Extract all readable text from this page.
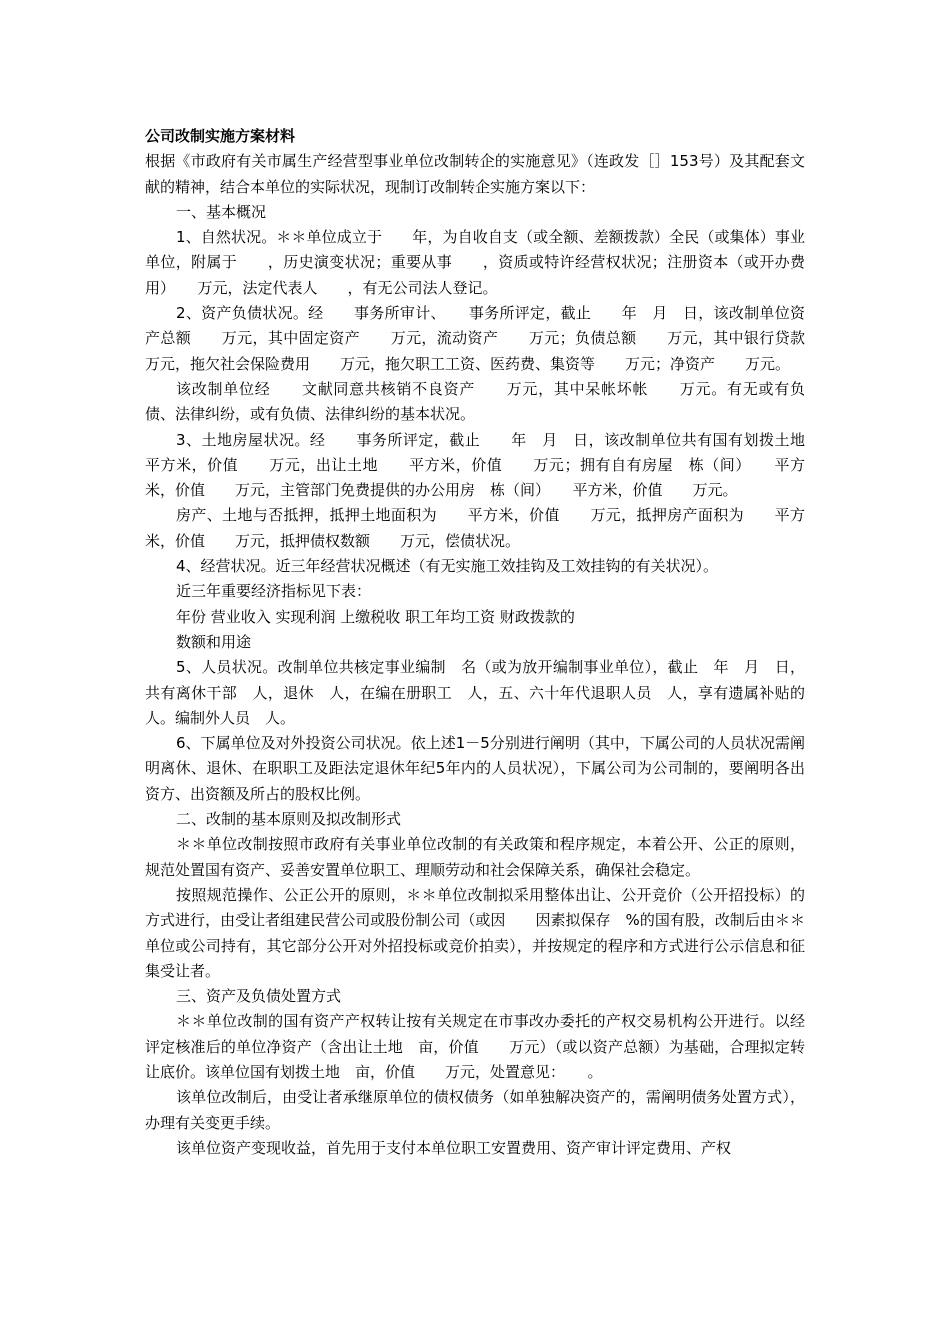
公司改制实施方案材料

根据《市政府有关市属生产经营型事业单位改制转企的实施意见》（连政发［］153号）及其配套文献的精神，结合本单位的实际状况，现制订改制转企实施方案以下：

一、基本概况

1、自然状况。＊＊单位成立于　　年，为自收自支（或全额、差额拨款）全民（或集体）事业单位，附属于　　，历史演变状况；重要从事　　，资质或特许经营权状况；注册资本（或开办费用）　　万元，法定代表人　　，有无公司法人登记。

2、资产负债状况。经　　事务所审计、　　事务所评定，截止　　年　月　日，该改制单位资产总额　　万元，其中固定资产　　万元，流动资产　　万元；负债总额　　万元，其中银行贷款　　万元，拖欠社会保险费用　　万元，拖欠职工工资、医药费、集资等　　万元；净资产　　万元。

该改制单位经　　文献同意共核销不良资产　　万元，其中呆帐坏帐　　万元。有无或有负债、法律纠纷，或有负债、法律纠纷的基本状况。

3、土地房屋状况。经　　事务所评定，截止　　年　月　日，该改制单位共有国有划拨土地　　平方米，价值　　万元，出让土地　　平方米，价值　　万元；拥有自有房屋　栋（间）　　平方米，价值　　万元，主管部门免费提供的办公用房　栋（间）　　平方米，价值　　万元。

房产、土地与否抵押，抵押土地面积为　　平方米，价值　　万元，抵押房产面积为　　平方米，价值　　万元，抵押债权数额　　万元，偿债状况。

4、经营状况。近三年经营状况概述（有无实施工效挂钩及工效挂钩的有关状况）。

近三年重要经济指标见下表：

年份 营业收入 实现利润 上缴税收 职工年均工资 财政拨款的

数额和用途

5、人员状况。改制单位共核定事业编制　名（或为放开编制事业单位），截止　年　月　日，共有离休干部　人，退休　人，在编在册职工　人，五、六十年代退职人员　人，享有遗属补贴的　人。编制外人员　人。

6、下属单位及对外投资公司状况。依上述1－5分别进行阐明（其中，下属公司的人员状况需阐明离休、退休、在职职工及距法定退休年纪5年内的人员状况），下属公司为公司制的，要阐明各出资方、出资额及所占的股权比例。

二、改制的基本原则及拟改制形式

＊＊单位改制按照市政府有关事业单位改制的有关政策和程序规定，本着公开、公正的原则，规范处置国有资产、妥善安置单位职工、理顺劳动和社会保障关系，确保社会稳定。

按照规范操作、公正公开的原则，＊＊单位改制拟采用整体出让、公开竞价（公开招投标）的方式进行，由受让者组建民营公司或股份制公司（或因　　因素拟保存　%的国有股，改制后由＊＊单位或公司持有，其它部分公开对外招投标或竞价拍卖），并按规定的程序和方式进行公示信息和征集受让者。

三、资产及负债处置方式

＊＊单位改制的国有资产产权转让按有关规定在市事改办委托的产权交易机构公开进行。以经评定核准后的单位净资产（含出让土地　亩，价值　　万元）（或以资产总额）为基础，合理拟定转让底价。该单位国有划拨土地　亩，价值　　万元，处置意见：　　。

该单位改制后，由受让者承继原单位的债权债务（如单独解决资产的，需阐明债务处置方式），办理有关变更手续。

该单位资产变现收益，首先用于支付本单位职工安置费用、资产审计评定费用、产权
